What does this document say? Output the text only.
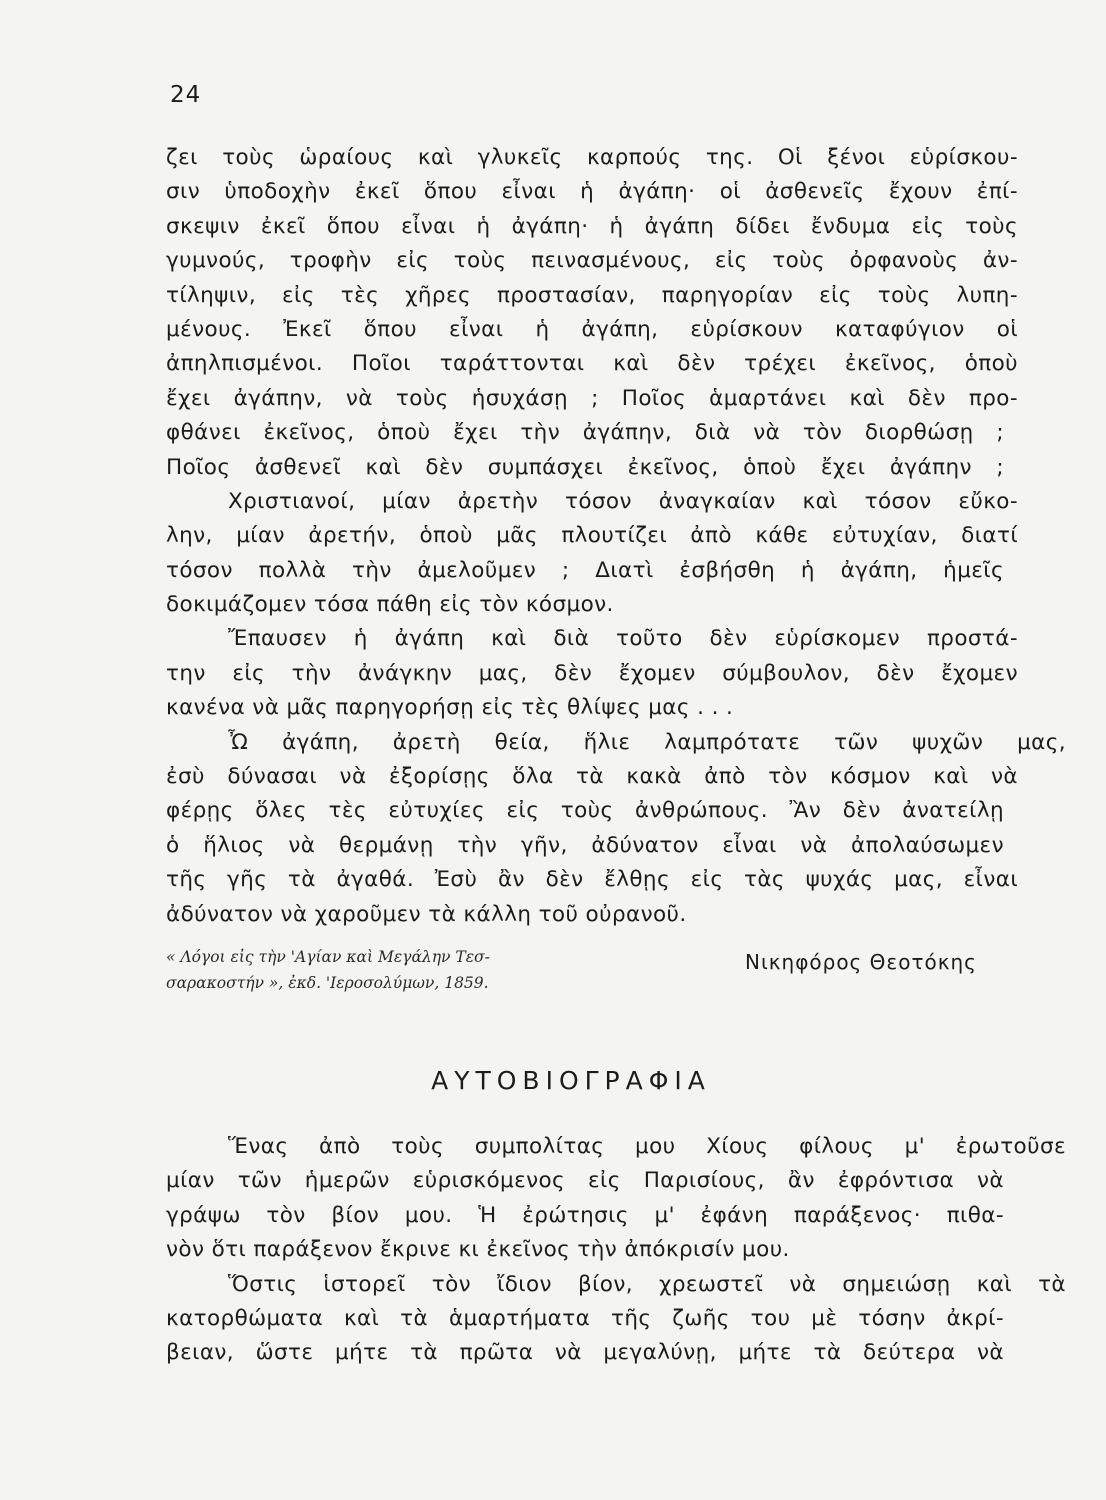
24
ζει τοὺς ὡραίους καὶ γλυκεῖς καρπούς της. Οἱ ξένοι εὑρίσκου-
σιν ὑποδοχὴν ἐκεῖ ὅπου εἶναι ἡ ἀγάπη· οἱ ἀσθενεῖς ἔχουν ἐπί-
σκεψιν ἐκεῖ ὅπου εἶναι ἡ ἀγάπη· ἡ ἀγάπη δίδει ἔνδυμα εἰς τοὺς
γυμνούς, τροφὴν εἰς τοὺς πεινασμένους, εἰς τοὺς ὀρφανοὺς ἀν-
τίληψιν, εἰς τὲς χῆρες προστασίαν, παρηγορίαν εἰς τοὺς λυπη-
μένους. Ἐκεῖ ὅπου εἶναι ἡ ἀγάπη, εὑρίσκουν καταφύγιον οἱ
ἀπηλπισμένοι. Ποῖοι ταράττονται καὶ δὲν τρέχει ἐκεῖνος, ὁποὺ
ἔχει ἀγάπην, νὰ τοὺς ἡσυχάσῃ ; Ποῖος ἁμαρτάνει καὶ δὲν προ-
φθάνει ἐκεῖνος, ὁποὺ ἔχει τὴν ἀγάπην, διὰ νὰ τὸν διορθώσῃ ;
Ποῖος ἀσθενεῖ καὶ δὲν συμπάσχει ἐκεῖνος, ὁποὺ ἔχει ἀγάπην ;
Χριστιανοί, μίαν ἀρετὴν τόσον ἀναγκαίαν καὶ τόσον εὔκο-
λην, μίαν ἀρετήν, ὁποὺ μᾶς πλουτίζει ἀπὸ κάθε εὐτυχίαν, διατί
τόσον πολλὰ τὴν ἀμελοῦμεν ; Διατὶ ἐσβήσθη ἡ ἀγάπη, ἡμεῖς
δοκιμάζομεν τόσα πάθη εἰς τὸν κόσμον.
Ἔπαυσεν ἡ ἀγάπη καὶ διὰ τοῦτο δὲν εὑρίσκομεν προστά-
την εἰς τὴν ἀνάγκην μας, δὲν ἔχομεν σύμβουλον, δὲν ἔχομεν
κανένα νὰ μᾶς παρηγορήσῃ εἰς τὲς θλίψες μας . . .
Ὦ ἀγάπη, ἀρετὴ θεία, ἥλιε λαμπρότατε τῶν ψυχῶν μας,
ἐσὺ δύνασαι νὰ ἐξορίσῃς ὅλα τὰ κακὰ ἀπὸ τὸν κόσμον καὶ νὰ
φέρῃς ὅλες τὲς εὐτυχίες εἰς τοὺς ἀνθρώπους. Ἂν δὲν ἀνατείλῃ
ὁ ἥλιος νὰ θερμάνῃ τὴν γῆν, ἀδύνατον εἶναι νὰ ἀπολαύσωμεν
τῆς γῆς τὰ ἀγαθά. Ἐσὺ ἂν δὲν ἔλθῃς εἰς τὰς ψυχάς μας, εἶναι
ἀδύνατον νὰ χαροῦμεν τὰ κάλλη τοῦ οὐρανοῦ.
« Λόγοι εἰς τὴν 'Αγίαν καὶ Μεγάλην Τεσ-
σαρακοστήν », ἐκδ. 'Ιεροσολύμων, 1859.
Νικηφόρος Θεοτόκης
ΑΥΤΟΒΙΟΓΡΑΦΙΑ
Ἕνας ἀπὸ τοὺς συμπολίτας μου Χίους φίλους μ' ἐρωτοῦσε
μίαν τῶν ἡμερῶν εὑρισκόμενος εἰς Παρισίους, ἂν ἐφρόντισα νὰ
γράψω τὸν βίον μου. Ἡ ἐρώτησις μ' ἐφάνη παράξενος· πιθα-
νὸν ὅτι παράξενον ἔκρινε κι ἐκεῖνος τὴν ἀπόκρισίν μου.
Ὅστις ἱστορεῖ τὸν ἴδιον βίον, χρεωστεῖ νὰ σημειώσῃ καὶ τὰ
κατορθώματα καὶ τὰ ἁμαρτήματα τῆς ζωῆς του μὲ τόσην ἀκρί-
βειαν, ὥστε μήτε τὰ πρῶτα νὰ μεγαλύνῃ, μήτε τὰ δεύτερα νὰ
